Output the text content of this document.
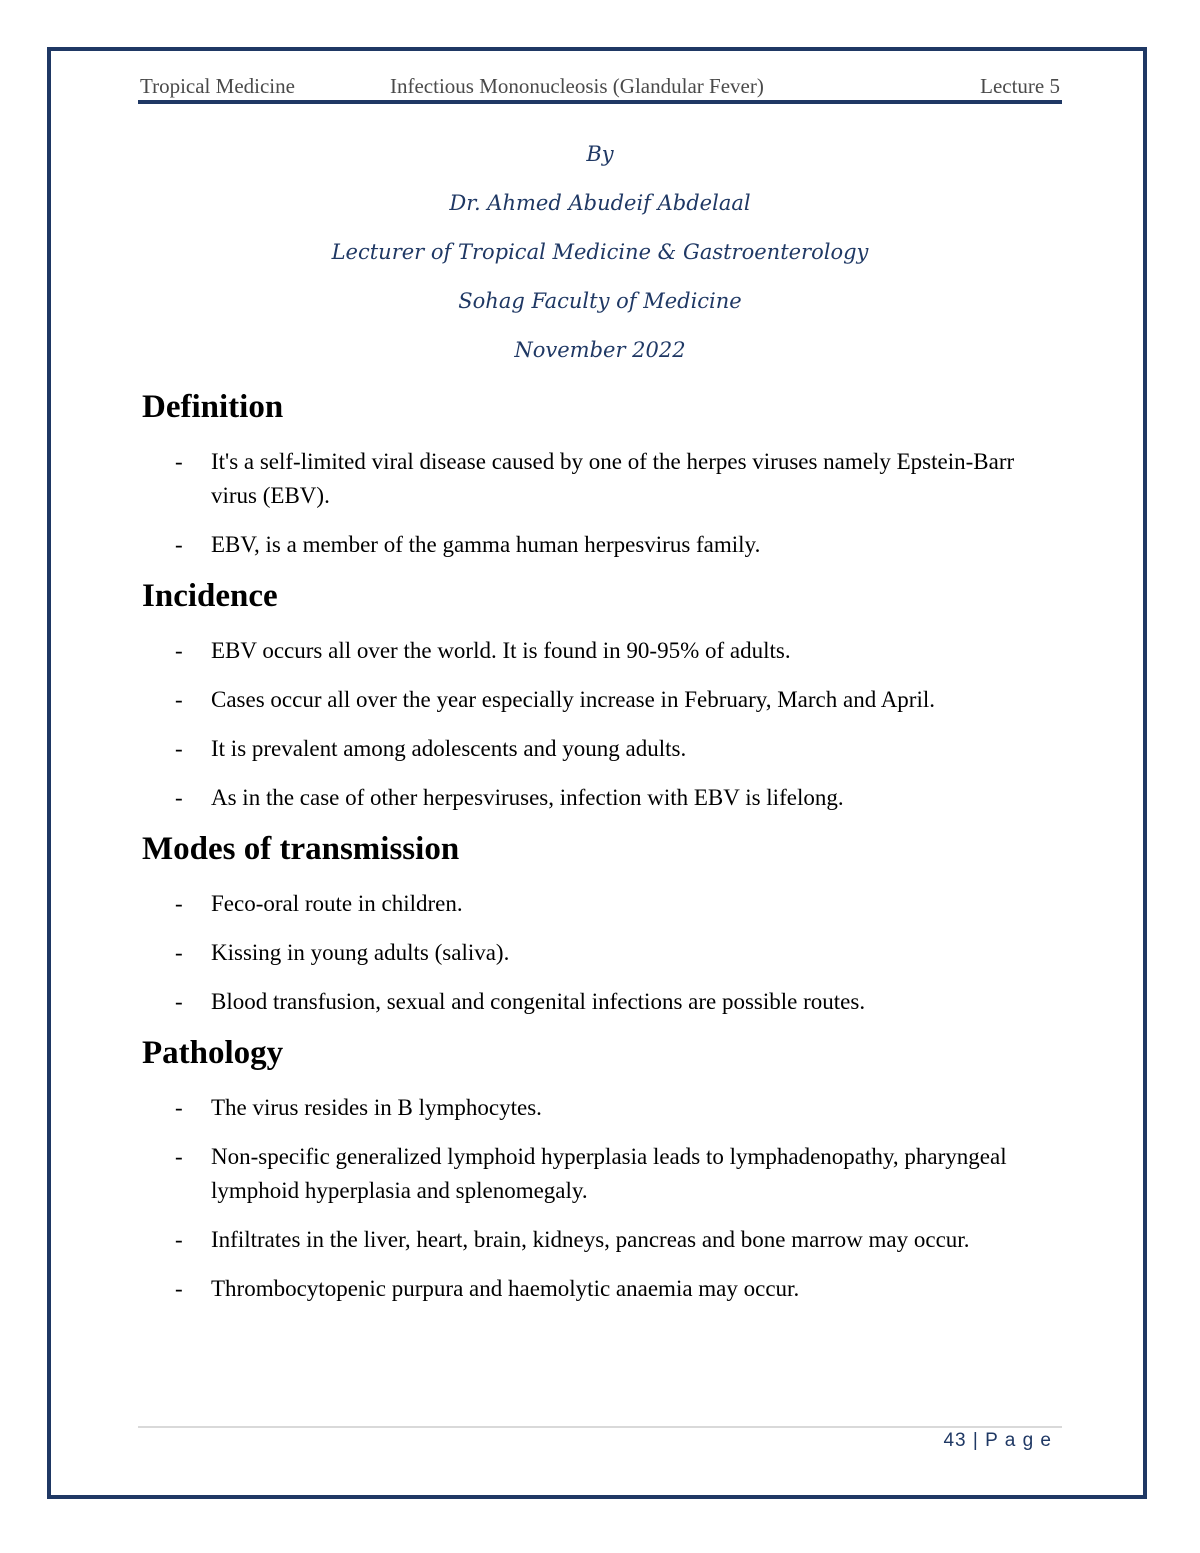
Tropical Medicine	Infectious Mononucleosis (Glandular Fever)	Lecture 5
By
Dr. Ahmed Abudeif Abdelaal
Lecturer of Tropical Medicine & Gastroenterology
Sohag Faculty of Medicine
November 2022
Definition
- It's a self-limited viral disease caused by one of the herpes viruses namely Epstein-Barr virus (EBV).
- EBV, is a member of the gamma human herpesvirus family.
Incidence
- EBV occurs all over the world. It is found in 90-95% of adults.
- Cases occur all over the year especially increase in February, March and April.
- It is prevalent among adolescents and young adults.
- As in the case of other herpesviruses, infection with EBV is lifelong.
Modes of transmission
- Feco-oral route in children.
- Kissing in young adults (saliva).
- Blood transfusion, sexual and congenital infections are possible routes.
Pathology
- The virus resides in B lymphocytes.
- Non-specific generalized lymphoid hyperplasia leads to lymphadenopathy, pharyngeal lymphoid hyperplasia and splenomegaly.
- Infiltrates in the liver, heart, brain, kidneys, pancreas and bone marrow may occur.
- Thrombocytopenic purpura and haemolytic anaemia may occur.
43 | P a g e
